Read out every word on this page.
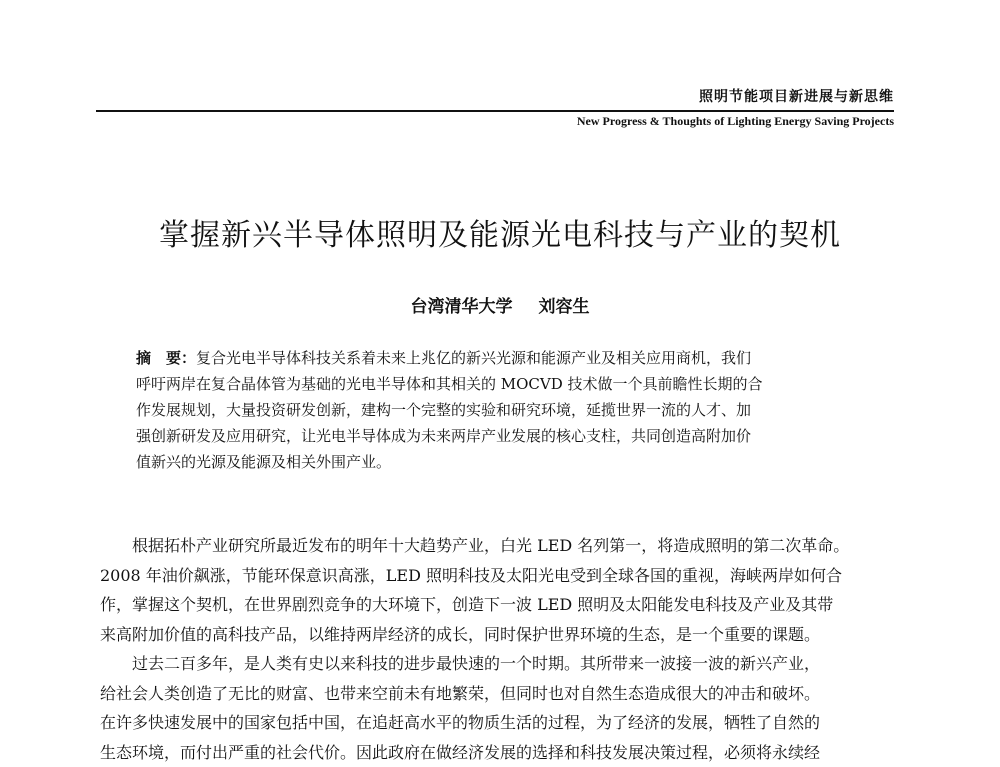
照明节能项目新进展与新思维
New Progress & Thoughts of Lighting Energy Saving Projects
掌握新兴半导体照明及能源光电科技与产业的契机
台湾清华大学 刘容生
摘　要：复合光电半导体科技关系着未来上兆亿的新兴光源和能源产业及相关应用商机，我们
呼吁两岸在复合晶体管为基础的光电半导体和其相关的 MOCVD 技术做一个具前瞻性长期的合
作发展规划，大量投资研发创新，建构一个完整的实验和研究环境，延揽世界一流的人才、加
强创新研发及应用研究，让光电半导体成为未来两岸产业发展的核心支柱，共同创造高附加价
值新兴的光源及能源及相关外围产业。
根据拓朴产业研究所最近发布的明年十大趋势产业，白光 LED 名列第一，将造成照明的第二次革命。
2008 年油价飙涨，节能环保意识高涨，LED 照明科技及太阳光电受到全球各国的重视，海峡两岸如何合
作，掌握这个契机，在世界剧烈竞争的大环境下，创造下一波 LED 照明及太阳能发电科技及产业及其带
来高附加价值的高科技产品，以维持两岸经济的成长，同时保护世界环境的生态，是一个重要的课题。
过去二百多年，是人类有史以来科技的进步最快速的一个时期。其所带来一波接一波的新兴产业，
给社会人类创造了无比的财富、也带来空前未有地繁荣，但同时也对自然生态造成很大的冲击和破坏。
在许多快速发展中的国家包括中国，在追赶高水平的物质生活的过程，为了经济的发展，牺牲了自然的
生态环境，而付出严重的社会代价。因此政府在做经济发展的选择和科技发展决策过程，必须将永续经
